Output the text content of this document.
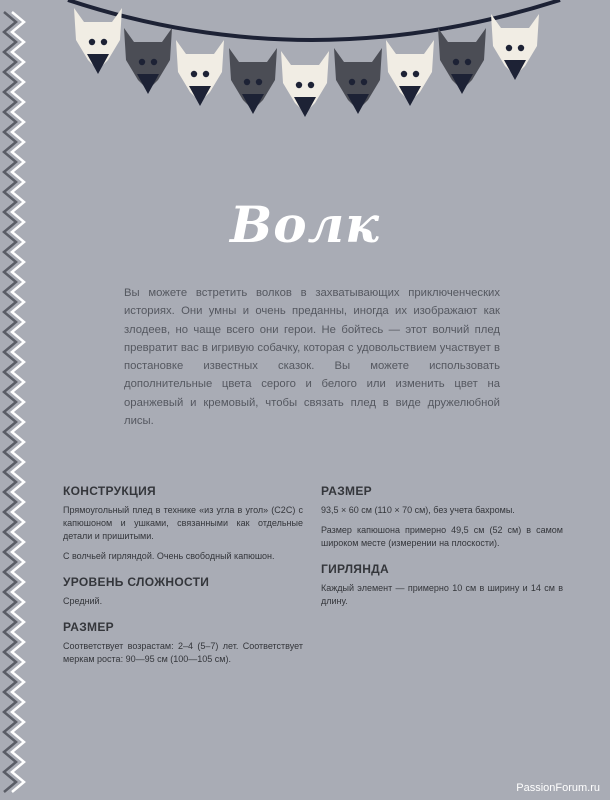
Волк

Вы можете встретить волков в захватывающих приключенческих историях. Они умны и очень преданны, иногда их изображают как злодеев, но чаще всего они герои. Не бойтесь — этот волчий плед превратит вас в игривую собачку, которая с удовольствием участвует в постановке известных сказок. Вы можете использовать дополнительные цвета серого и белого или изменить цвет на оранжевый и кремовый, чтобы связать плед в виде дружелюбной лисы.

КОНСТРУКЦИЯ
Прямоугольный плед в технике «из угла в угол» (C2C) с капюшоном и ушками, связанными как отдельные детали и пришитыми.
С волчьей гирляндой. Очень свободный капюшон.
УРОВЕНЬ СЛОЖНОСТИ
Средний.
РАЗМЕР
Соответствует возрастам: 2–4 (5–7) лет. Соответствует меркам роста: 90—95 см (100—105 см).
РАЗМЕР
93,5 × 60 см (110 × 70 см), без учета бахромы.
Размер капюшона примерно 49,5 см (52 см) в самом широком месте (измерении на плоскости).
ГИРЛЯНДА
Каждый элемент — примерно 10 см в ширину и 14 см в длину.
PassionForum.ru
